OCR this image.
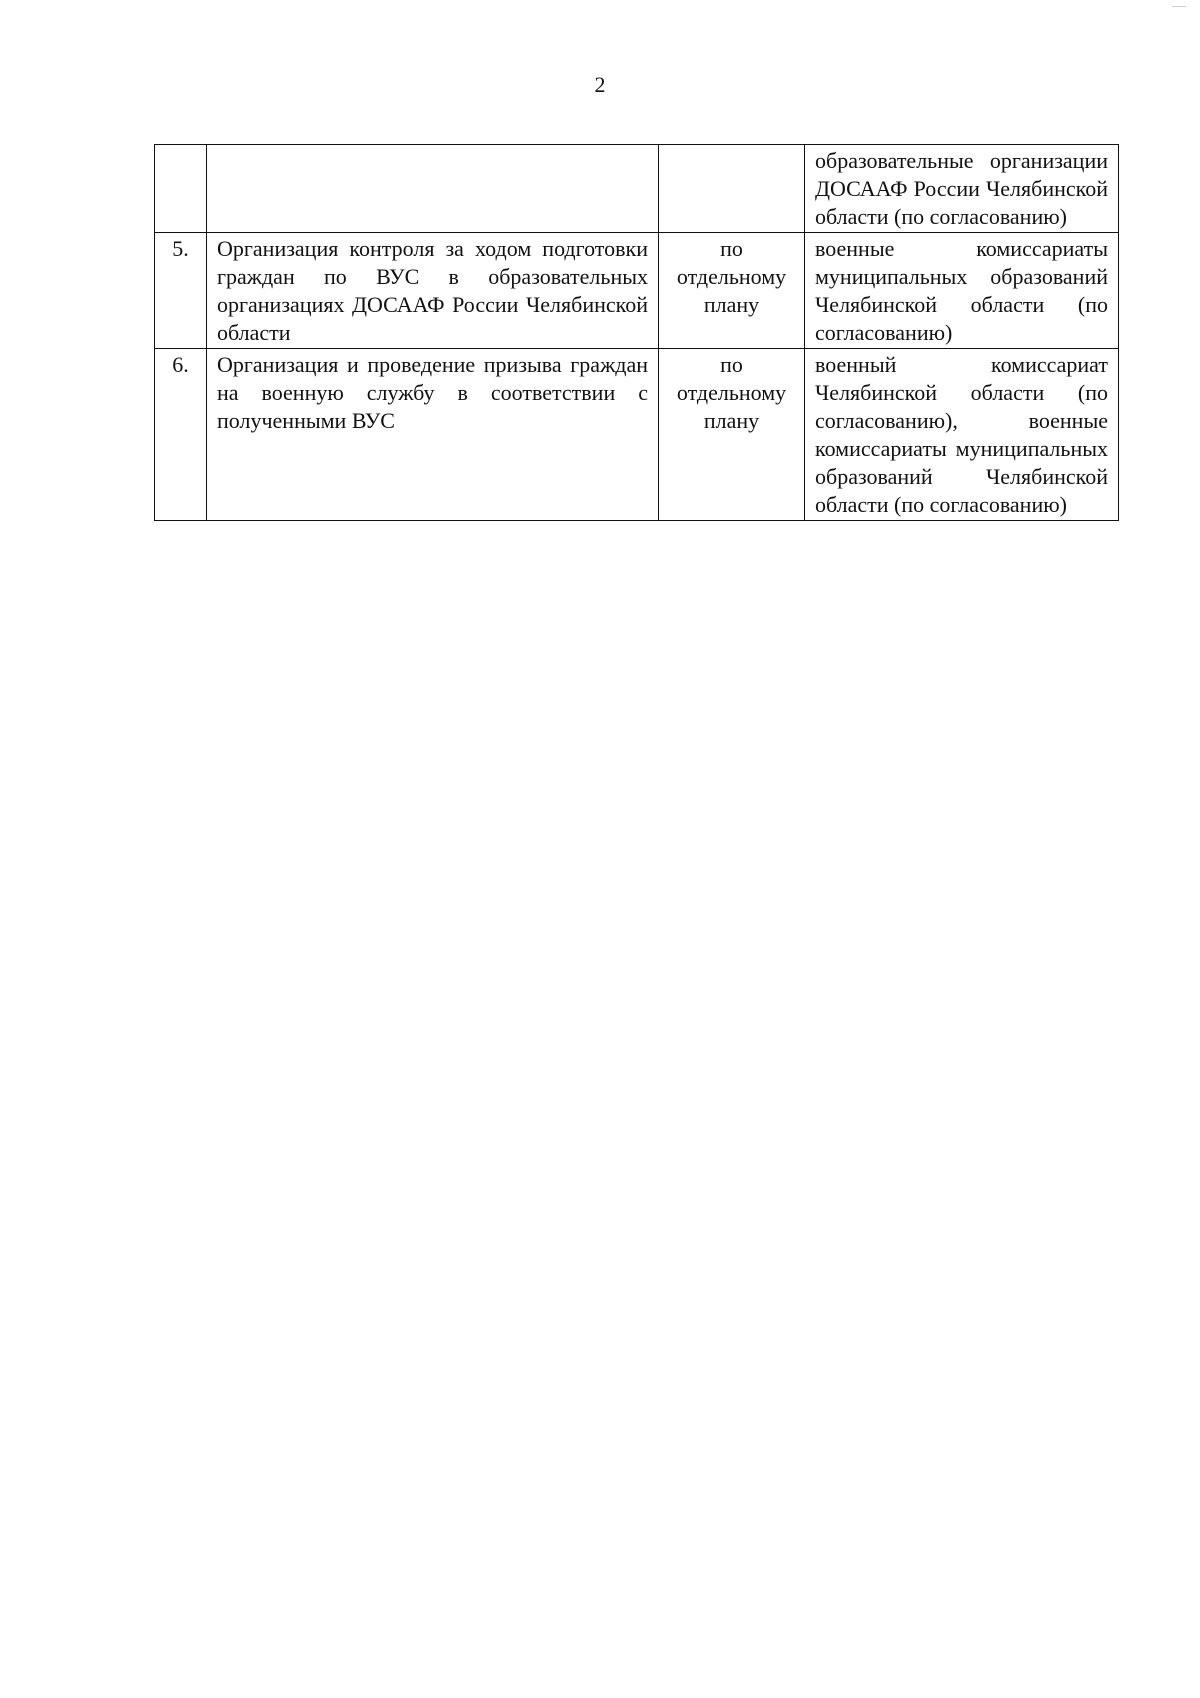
2
			образовательные организации ДОСААФ России Челябинской области (по согласованию)
5.	Организация контроля за ходом подготовки граждан по ВУС в образовательных организациях ДОСААФ России Челябинской области	по отдельному плану	военные комиссариаты муниципальных образований Челябинской области (по согласованию)
6.	Организация и проведение призыва граждан на военную службу в соответствии с полученными ВУС	по отдельному плану	военный комиссариат Челябинской области (по согласованию), военные комиссариаты муниципальных образований Челябинской области (по согласованию)
